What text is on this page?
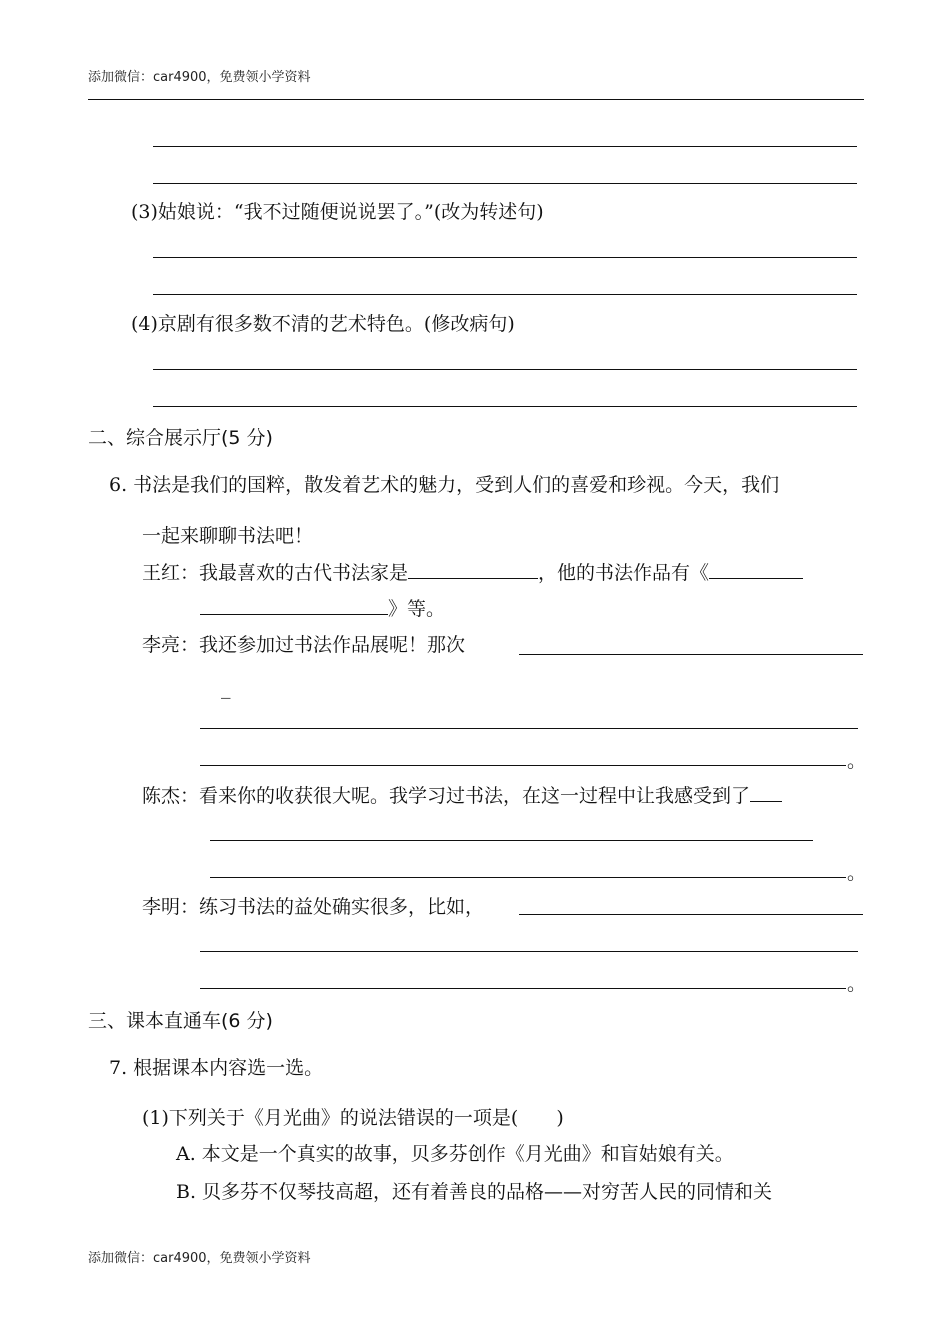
添加微信：car4900，免费领小学资料
(3)姑娘说：“我不过随便说说罢了。”(改为转述句)
(4)京剧有很多数不清的艺术特色。(修改病句)
二、综合展示厅(5 分)
6. 书法是我们的国粹，散发着艺术的魅力，受到人们的喜爱和珍视。今天，我们
一起来聊聊书法吧！
王红：我最喜欢的古代书法家是	，他的书法作品有《
》等。
李亮：我还参加过书法作品展呢！那次
_
。
陈杰：看来你的收获很大呢。我学习过书法，在这一过程中让我感受到了
。
李明：练习书法的益处确实很多，比如，
。
三、课本直通车(6 分)
7. 根据课本内容选一选。
(1)下列关于《月光曲》的说法错误的一项是(　　)
A. 本文是一个真实的故事，贝多芬创作《月光曲》和盲姑娘有关。
B. 贝多芬不仅琴技高超，还有着善良的品格——对穷苦人民的同情和关
添加微信：car4900，免费领小学资料
